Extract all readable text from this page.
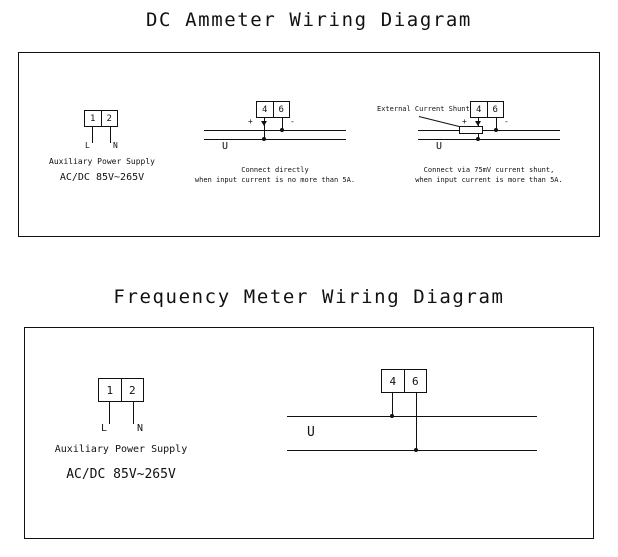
DC Ammeter Wiring Diagram
1	2
L	N
Auxiliary Power Supply
AC/DC 85V~265V
4	6
+	-
U
Connect directly
when input current is no more than 5A.
4	6
External Current Shunt
+	-
U
Connect via 75mV current shunt,
when input current is more than 5A.
Frequency Meter Wiring Diagram
1	2
L	N
Auxiliary Power Supply
AC/DC 85V~265V
4	6
U
